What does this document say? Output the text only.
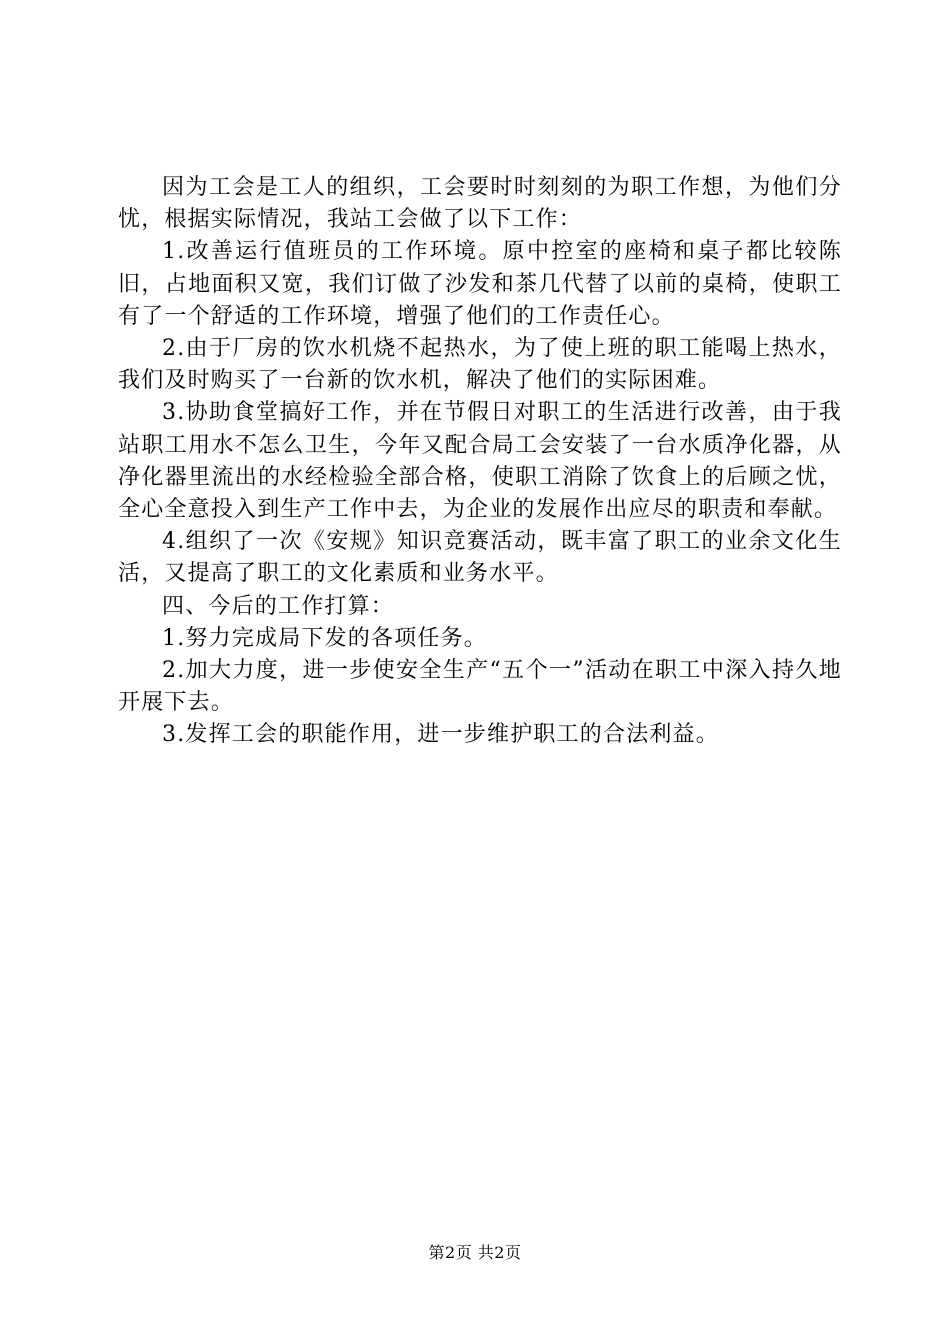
因为工会是工人的组织，工会要时时刻刻的为职工作想，为他们分忧，根据实际情况，我站工会做了以下工作：

1.改善运行值班员的工作环境。原中控室的座椅和桌子都比较陈旧，占地面积又宽，我们订做了沙发和茶几代替了以前的桌椅，使职工有了一个舒适的工作环境，增强了他们的工作责任心。

2.由于厂房的饮水机烧不起热水，为了使上班的职工能喝上热水，我们及时购买了一台新的饮水机，解决了他们的实际困难。

3.协助食堂搞好工作，并在节假日对职工的生活进行改善，由于我站职工用水不怎么卫生，今年又配合局工会安装了一台水质净化器，从净化器里流出的水经检验全部合格，使职工消除了饮食上的后顾之忧，全心全意投入到生产工作中去，为企业的发展作出应尽的职责和奉献。

4.组织了一次《安规》知识竞赛活动，既丰富了职工的业余文化生活，又提高了职工的文化素质和业务水平。

四、今后的工作打算：

1.努力完成局下发的各项任务。

2.加大力度，进一步使安全生产“五个一”活动在职工中深入持久地开展下去。

3.发挥工会的职能作用，进一步维护职工的合法利益。

第2页 共2页
